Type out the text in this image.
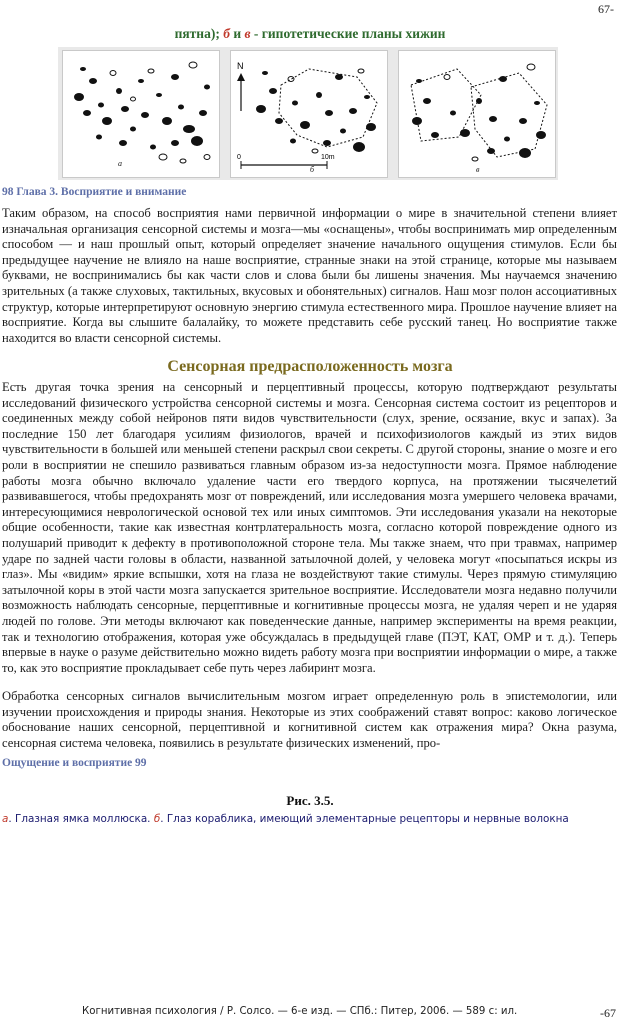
67-
пятна); б и в - гипотетические планы хижин
N
0	10m
а
б	в
98 Глава 3. Восприятие и внимание
Таким образом, на способ восприятия нами первичной информации о мире в значительной степени влияет изначальная организация сенсорной системы и мозга—мы «оснащены», чтобы воспринимать мир определенным способом — и наш прошлый опыт, который определяет значение начального ощущения стимулов. Если бы предыдущее научение не влияло на наше восприятие, странные знаки на этой странице, которые мы называем буквами, не воспринимались бы как части слов и слова были бы лишены значения. Мы научаемся значению зрительных (а также слуховых, тактильных, вкусовых и обонятельных) сигналов. Наш мозг полон ассоциативных структур, которые интерпретируют основную энергию стимула естественного мира. Прошлое научение влияет на восприятие. Когда вы слышите балалайку, то можете представить себе русский танец. Но восприятие также находится во власти сенсорной системы.
Сенсорная предрасположенность мозга
Есть другая точка зрения на сенсорный и перцептивный процессы, которую подтверждают результаты исследований физического устройства сенсорной системы и мозга. Сенсорная система состоит из рецепторов и соединенных между собой нейронов пяти видов чувствительности (слух, зрение, осязание, вкус и запах). За последние 150 лет благодаря усилиям физиологов, врачей и психофизиологов каждый из этих видов чувствительности в большей или меньшей степени раскрыл свои секреты. С другой стороны, знание о мозге и его роли в восприятии не спешило развиваться главным образом из-за недоступности мозга. Прямое наблюдение работы мозга обычно включало удаление части его твердого корпуса, на протяжении тысячелетий развивавшегося, чтобы предохранять мозг от повреждений, или исследования мозга умершего человека врачами, интересующимися неврологической основой тех или иных симптомов. Эти исследования указали на некоторые общие особенности, такие как известная контрлатеральность мозга, согласно которой повреждение одного из полушарий приводит к дефекту в противоположной стороне тела. Мы также знаем, что при травмах, например ударе по задней части головы в области, названной затылочной долей, у человека могут «посыпаться искры из глаз». Мы «видим» яркие вспышки, хотя на глаза не воздействуют такие стимулы. Через прямую стимуляцию затылочной коры в этой части мозга запускается зрительное восприятие. Исследователи мозга недавно получили возможность наблюдать сенсорные, перцептивные и когнитивные процессы мозга, не удаляя череп и не ударяя людей по голове. Эти методы включают как поведенческие данные, например эксперименты на время реакции, так и технологию отображения, которая уже обсуждалась в предыдущей главе (ПЭТ, КАТ, ОМР и т. д.). Теперь впервые в науке о разуме действительно можно видеть работу мозга при восприятии информации о мире, а также то, как это восприятие прокладывает себе путь через лабиринт мозга.
Обработка сенсорных сигналов вычислительным мозгом играет определенную роль в эпистемологии, или изучении происхождения и природы знания. Некоторые из этих соображений ставят вопрос: каково логическое обоснование наших сенсорной, перцептивной и когнитивной систем как отражения мира? Окна разума, сенсорная система человека, появились в результате физических изменений, про-
Ощущение и восприятие 99
Рис. 3.5.
а. Глазная ямка моллюска. б. Глаз кораблика, имеющий элементарные рецепторы и нервные волокна
Когнитивная психология / Р. Солсо. — 6-е изд. — СПб.: Питер, 2006. — 589 с: ил.	-67
